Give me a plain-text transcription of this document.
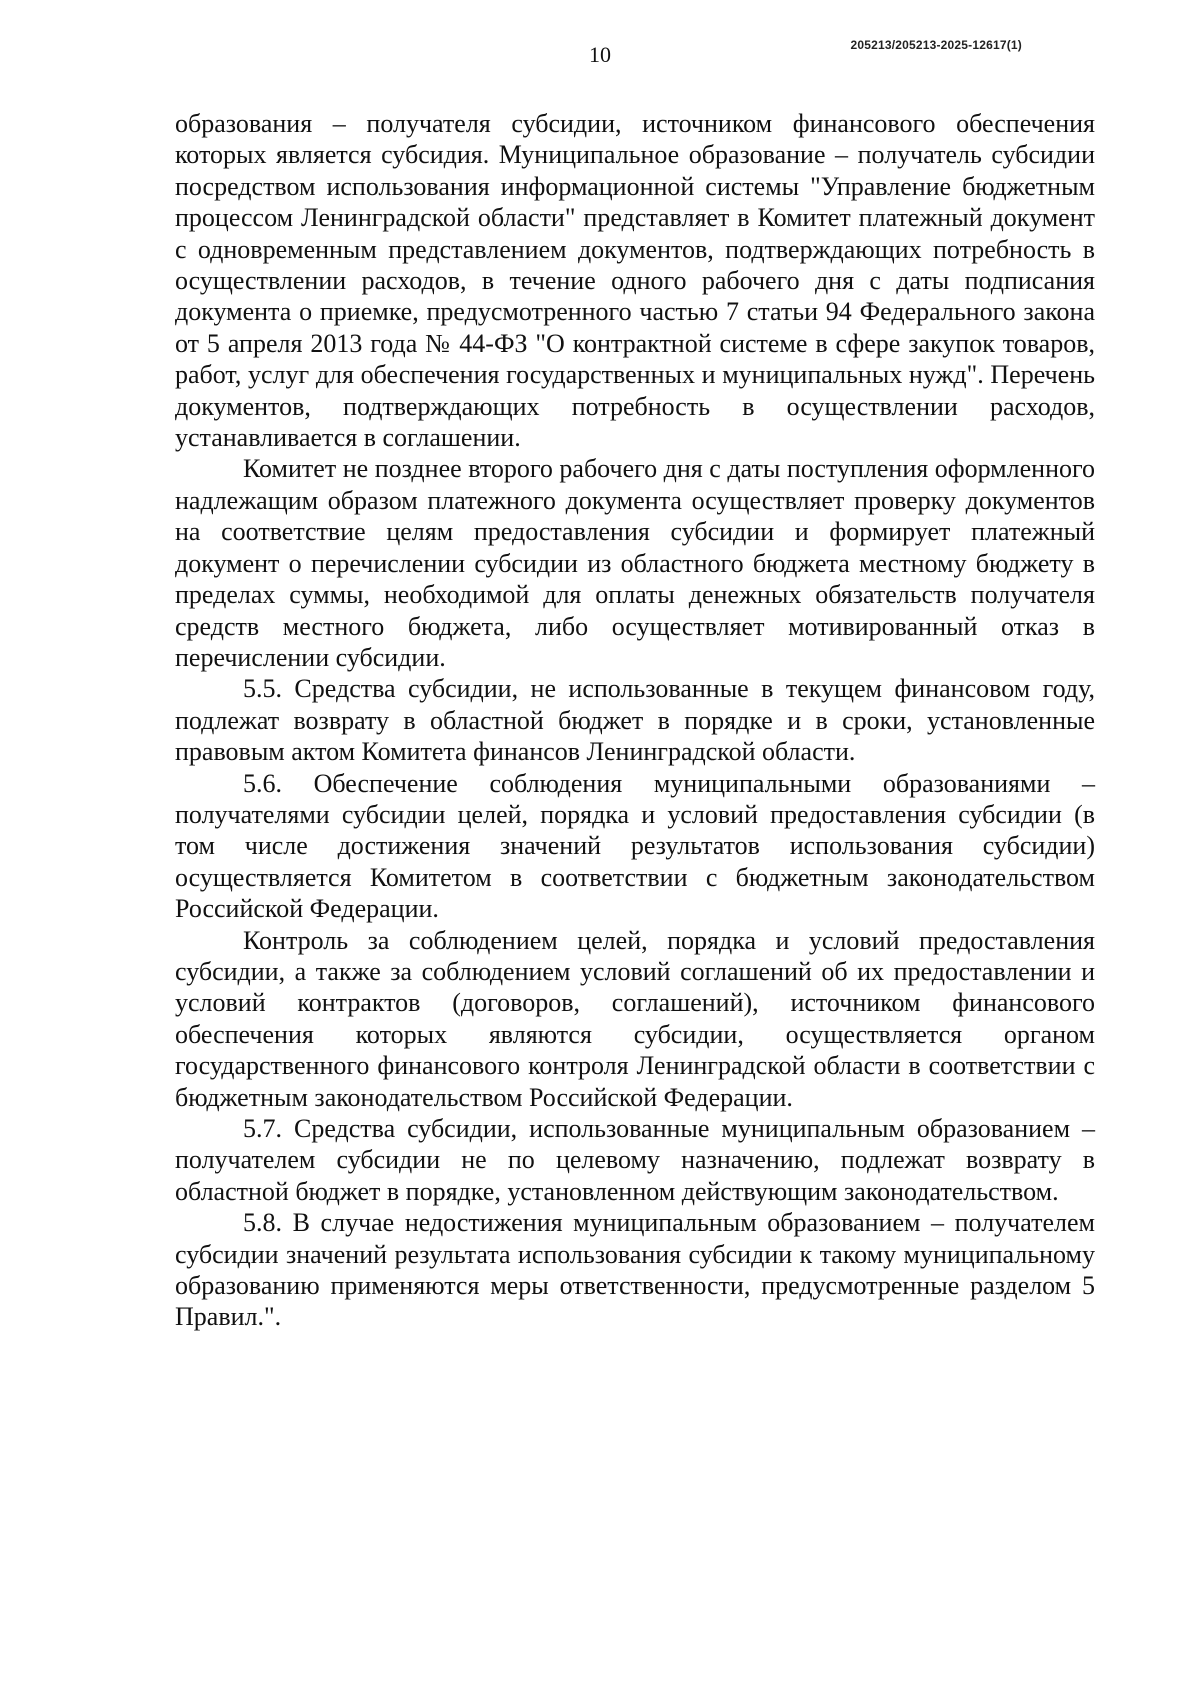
10	205213/205213-2025-12617(1)

образования – получателя субсидии, источником финансового обеспечения которых является субсидия. Муниципальное образование – получатель субсидии посредством использования информационной системы "Управление бюджетным процессом Ленинградской области" представляет в Комитет платежный документ с одновременным представлением документов, подтверждающих потребность в осуществлении расходов, в течение одного рабочего дня с даты подписания документа о приемке, предусмотренного частью 7 статьи 94 Федерального закона от 5 апреля 2013 года № 44-ФЗ "О контрактной системе в сфере закупок товаров, работ, услуг для обеспечения государственных и муниципальных нужд". Перечень документов, подтверждающих потребность в осуществлении расходов, устанавливается в соглашении.

Комитет не позднее второго рабочего дня с даты поступления оформленного надлежащим образом платежного документа осуществляет проверку документов на соответствие целям предоставления субсидии и формирует платежный документ о перечислении субсидии из областного бюджета местному бюджету в пределах суммы, необходимой для оплаты денежных обязательств получателя средств местного бюджета, либо осуществляет мотивированный отказ в перечислении субсидии.

5.5. Средства субсидии, не использованные в текущем финансовом году, подлежат возврату в областной бюджет в порядке и в сроки, установленные правовым актом Комитета финансов Ленинградской области.

5.6. Обеспечение соблюдения муниципальными образованиями – получателями субсидии целей, порядка и условий предоставления субсидии (в том числе достижения значений результатов использования субсидии) осуществляется Комитетом в соответствии с бюджетным законодательством Российской Федерации.

Контроль за соблюдением целей, порядка и условий предоставления субсидии, а также за соблюдением условий соглашений об их предоставлении и условий контрактов (договоров, соглашений), источником финансового обеспечения которых являются субсидии, осуществляется органом государственного финансового контроля Ленинградской области в соответствии с бюджетным законодательством Российской Федерации.

5.7. Средства субсидии, использованные муниципальным образованием – получателем субсидии не по целевому назначению, подлежат возврату в областной бюджет в порядке, установленном действующим законодательством.

5.8. В случае недостижения муниципальным образованием – получателем субсидии значений результата использования субсидии к такому муниципальному образованию применяются меры ответственности, предусмотренные разделом 5 Правил.".
